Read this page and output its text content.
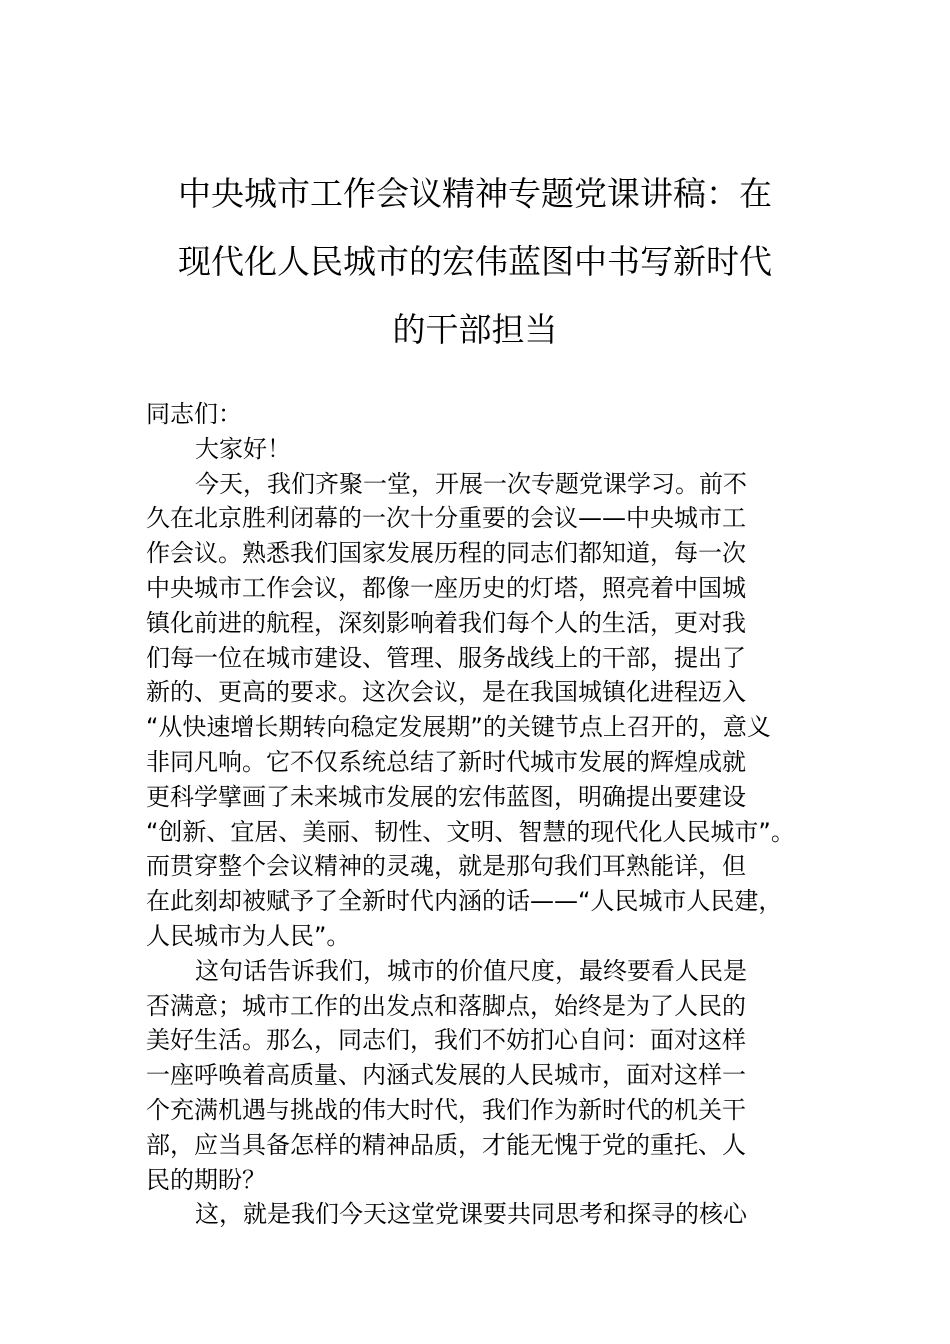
中央城市工作会议精神专题党课讲稿：在
现代化人民城市的宏伟蓝图中书写新时代
的干部担当
同志们：
大家好！
今天，我们齐聚一堂，开展一次专题党课学习。前不
久在北京胜利闭幕的一次十分重要的会议——中央城市工
作会议。熟悉我们国家发展历程的同志们都知道，每一次
中央城市工作会议，都像一座历史的灯塔，照亮着中国城
镇化前进的航程，深刻影响着我们每个人的生活，更对我
们每一位在城市建设、管理、服务战线上的干部，提出了
新的、更高的要求。这次会议，是在我国城镇化进程迈入
“从快速增长期转向稳定发展期”的关键节点上召开的，意义
非同凡响。它不仅系统总结了新时代城市发展的辉煌成就
更科学擘画了未来城市发展的宏伟蓝图，明确提出要建设
“创新、宜居、美丽、韧性、文明、智慧的现代化人民城市”。
而贯穿整个会议精神的灵魂，就是那句我们耳熟能详，但
在此刻却被赋予了全新时代内涵的话——“人民城市人民建，
人民城市为人民”。
这句话告诉我们，城市的价值尺度，最终要看人民是
否满意；城市工作的出发点和落脚点，始终是为了人民的
美好生活。那么，同志们，我们不妨扪心自问：面对这样
一座呼唤着高质量、内涵式发展的人民城市，面对这样一
个充满机遇与挑战的伟大时代，我们作为新时代的机关干
部，应当具备怎样的精神品质，才能无愧于党的重托、人
民的期盼？
这，就是我们今天这堂党课要共同思考和探寻的核心
